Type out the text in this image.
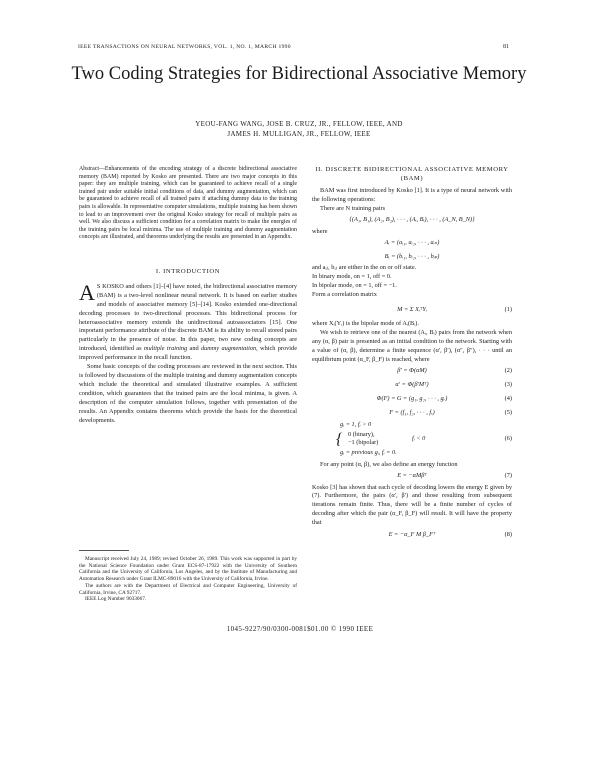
IEEE TRANSACTIONS ON NEURAL NETWORKS, VOL. 1, NO. 1, MARCH 1990	81
Two Coding Strategies for Bidirectional Associative Memory
YEOU-FANG WANG, JOSE B. CRUZ, JR., FELLOW, IEEE, AND
JAMES H. MULLIGAN, JR., FELLOW, IEEE
Abstract—Enhancements of the encoding strategy of a discrete bidirectional associative memory (BAM) reported by Kosko are presented. There are two major concepts in this paper: they are multiple training, which can be guaranteed to achieve recall of a single trained pair under suitable initial conditions of data, and dummy augmentation, which can be guaranteed to achieve recall of all trained pairs if attaching dummy data to the training pairs is allowable. In representative computer simulations, multiple training has been shown to lead to an improvement over the original Kosko strategy for recall of multiple pairs as well. We also discuss a sufficient condition for a correlation matrix to make the energies of the training pairs be local minima. The use of multiple training and dummy augmentation concepts are illustrated, and theorems underlying the results are presented in an Appendix.
I. INTRODUCTION

A S KOSKO and others [1]–[4] have noted, the bidirectional associative memory (BAM) is a two-level nonlinear neural network. It is based on earlier studies and models of associative memory [5]–[14]. Kosko extended one-directional decoding processes to two-directional processes. This bidirectional process for heteroassociative memory extends the unidirectional autoassociators [15]. One important performance attribute of the discrete BAM is its ability to recall stored pairs particularly in the presence of noise. In this paper, two new coding concepts are introduced, identified as multiple training and dummy augmentation, which provide improved performance in the recall function.

Some basic concepts of the coding processes are reviewed in the next section. This is followed by discussions of the multiple training and dummy augmentation concepts which include the theoretical and simulated illustrative examples. A sufficient condition, which guarantees that the trained pairs are the local minima, is given. A description of the computer simulation follows, together with presentation of the results. An Appendix contains theorems which provide the basis for the theoretical developments.

Manuscript received July 24, 1989; revised October 26, 1989. This work was supported in part by the National Science Foundation under Grant ECS-87-17922 with the University of Southern California and the University of California, Los Angeles, and by the Institute of Manufacturing and Automation Research under Grant ILMC-89016 with the University of California, Irvine.

The authors are with the Department of Electrical and Computer Engineering, University of California, Irvine, CA 92717.

IEEE Log Number 9033067.

II. DISCRETE BIDIRECTIONAL ASSOCIATIVE MEMORY (BAM)

BAM was first introduced by Kosko [1]. It is a type of neural network with the following operations:

There are N training pairs

{(A₁, B₁), (A₂, B₂), · · · , (Aᵢ, Bᵢ), · · · , (A_N, B_N)}

where

Aᵢ = (aᵢ₁, aᵢ₂, · · · , aᵢₙ)
Bᵢ = (bᵢ₁, bᵢ₂, · · · , bᵢₚ)

and aᵢⱼ, bᵢⱼ are either in the on or off state.

In binary mode, on = 1, off = 0.

In bipolar mode, on = 1, off = −1.

Form a correlation matrix

M = Σ XᵢᵀYᵢ	(1)

where Xᵢ(Yᵢ) is the bipolar mode of Aᵢ(Bᵢ).

We wish to retrieve one of the nearest (Aᵢ, Bᵢ) pairs from the network when any (α, β) pair is presented as an initial condition to the network. Starting with a value of (α, β), determine a finite sequence (α′, β′), (α″, β″), · · · until an equilibrium point (α_F, β_F) is reached, where

β′ = Φ(αM)	(2)
α′ = Φ(β′Mᵀ)	(3)
Φ(F) = G = (g₁, g₂, · · · , gᵣ)	(4)
F = (f₁, f₂, · · · , fᵣ)	(5)
gᵢ = 1, fᵢ > 0
{ 0 (binary),
−1 (bipolar)
fᵢ < 0
gᵢ = previous gᵢ, fᵢ = 0.
(6)

For any point (α, β), we also define an energy function

E = −αMβᵀ	(7)

Kosko [3] has shown that each cycle of decoding lowers the energy E given by (7). Furthermore, the pairs (α′, β′) and those resulting from subsequent iterations remain finite. Thus, there will be a finite number of cycles of decoding after which the pair (α_F, β_F) will result. It will have the property that

E = −α_F M β_Fᵀ	(8)
1045-9227/90/0300-0081$01.00 © 1990 IEEE
